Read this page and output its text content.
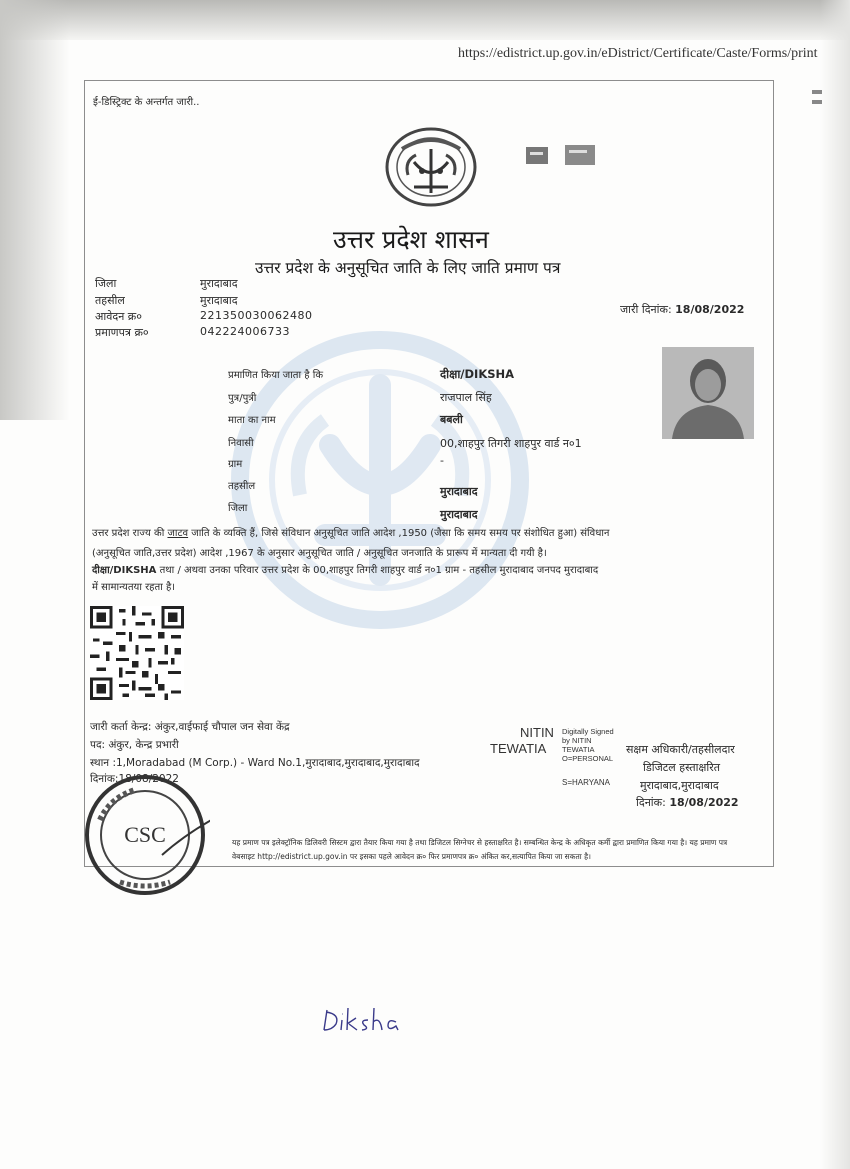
https://edistrict.up.gov.in/eDistrict/Certificate/Caste/Forms/print
ई-डिस्ट्रिक्ट के अन्तर्गत जारी..
उत्तर प्रदेश शासन
उत्तर प्रदेश के अनुसूचित जाति के लिए जाति प्रमाण पत्र
जिला	मुरादाबाद
तहसील	मुरादाबाद
आवेदन क्र०	221350030062480
प्रमाणपत्र क्र०	042224006733
जारी दिनांक: 18/08/2022
प्रमाणित किया जाता है कि	दीक्षा/DIKSHA
पुत्र/पुत्री	राजपाल सिंह
माता का नाम	बबली
निवासी	00,शाहपुर तिगरी शाहपुर वार्ड न०1
ग्राम	-
तहसील	मुरादाबाद
जिला	मुरादाबाद
उत्तर प्रदेश राज्य की जाटव जाति के व्यक्ति हैं, जिसे संविधान अनुसूचित जाति आदेश ,1950 (जैसा कि समय समय पर संशोधित हुआ) संविधान
(अनुसूचित जाति,उत्तर प्रदेश) आदेश ,1967 के अनुसार अनुसूचित जाति / अनुसूचित जनजाति के प्रारूप में मान्यता दी गयी है।
दीक्षा/DIKSHA तथा / अथवा उनका परिवार उत्तर प्रदेश के 00,शाहपुर तिगरी शाहपुर वार्ड न०1 ग्राम - तहसील मुरादाबाद जनपद मुरादाबाद
में सामान्यतया रहता है।
जारी कर्ता केन्द्र: अंकुर,वाईफाई चौपाल जन सेवा केंद्र
पद: अंकुर, केन्द्र प्रभारी
स्थान :1,Moradabad (M Corp.) - Ward No.1,मुरादाबाद,मुरादाबाद,मुरादाबाद
दिनांक:18/08/2022
NITIN
TEWATIA
Digitally Signed
by NITIN
TEWATIA
O=PERSONAL
S=HARYANA
सक्षम अधिकारी/तहसीलदार
डिजिटल हस्ताक्षरित
मुरादाबाद,मुरादाबाद
दिनांक: 18/08/2022
यह प्रमाण पत्र इलेक्ट्रॉनिक डिलिवरी सिस्टम द्वारा तैयार किया गया है तथा डिजिटल सिग्नेचर से हस्ताक्षरित है। सम्बन्धित केन्द्र के अधिकृत कर्मी द्वारा प्रमाणित किया गया है। यह प्रमाण पत्र
वेबसाइट http://edistrict.up.gov.in पर इसका पहले आवेदन क्र० फिर प्रमाणपत्र क्र० अंकित कर,सत्यापित किया जा सकता है।
CSC
